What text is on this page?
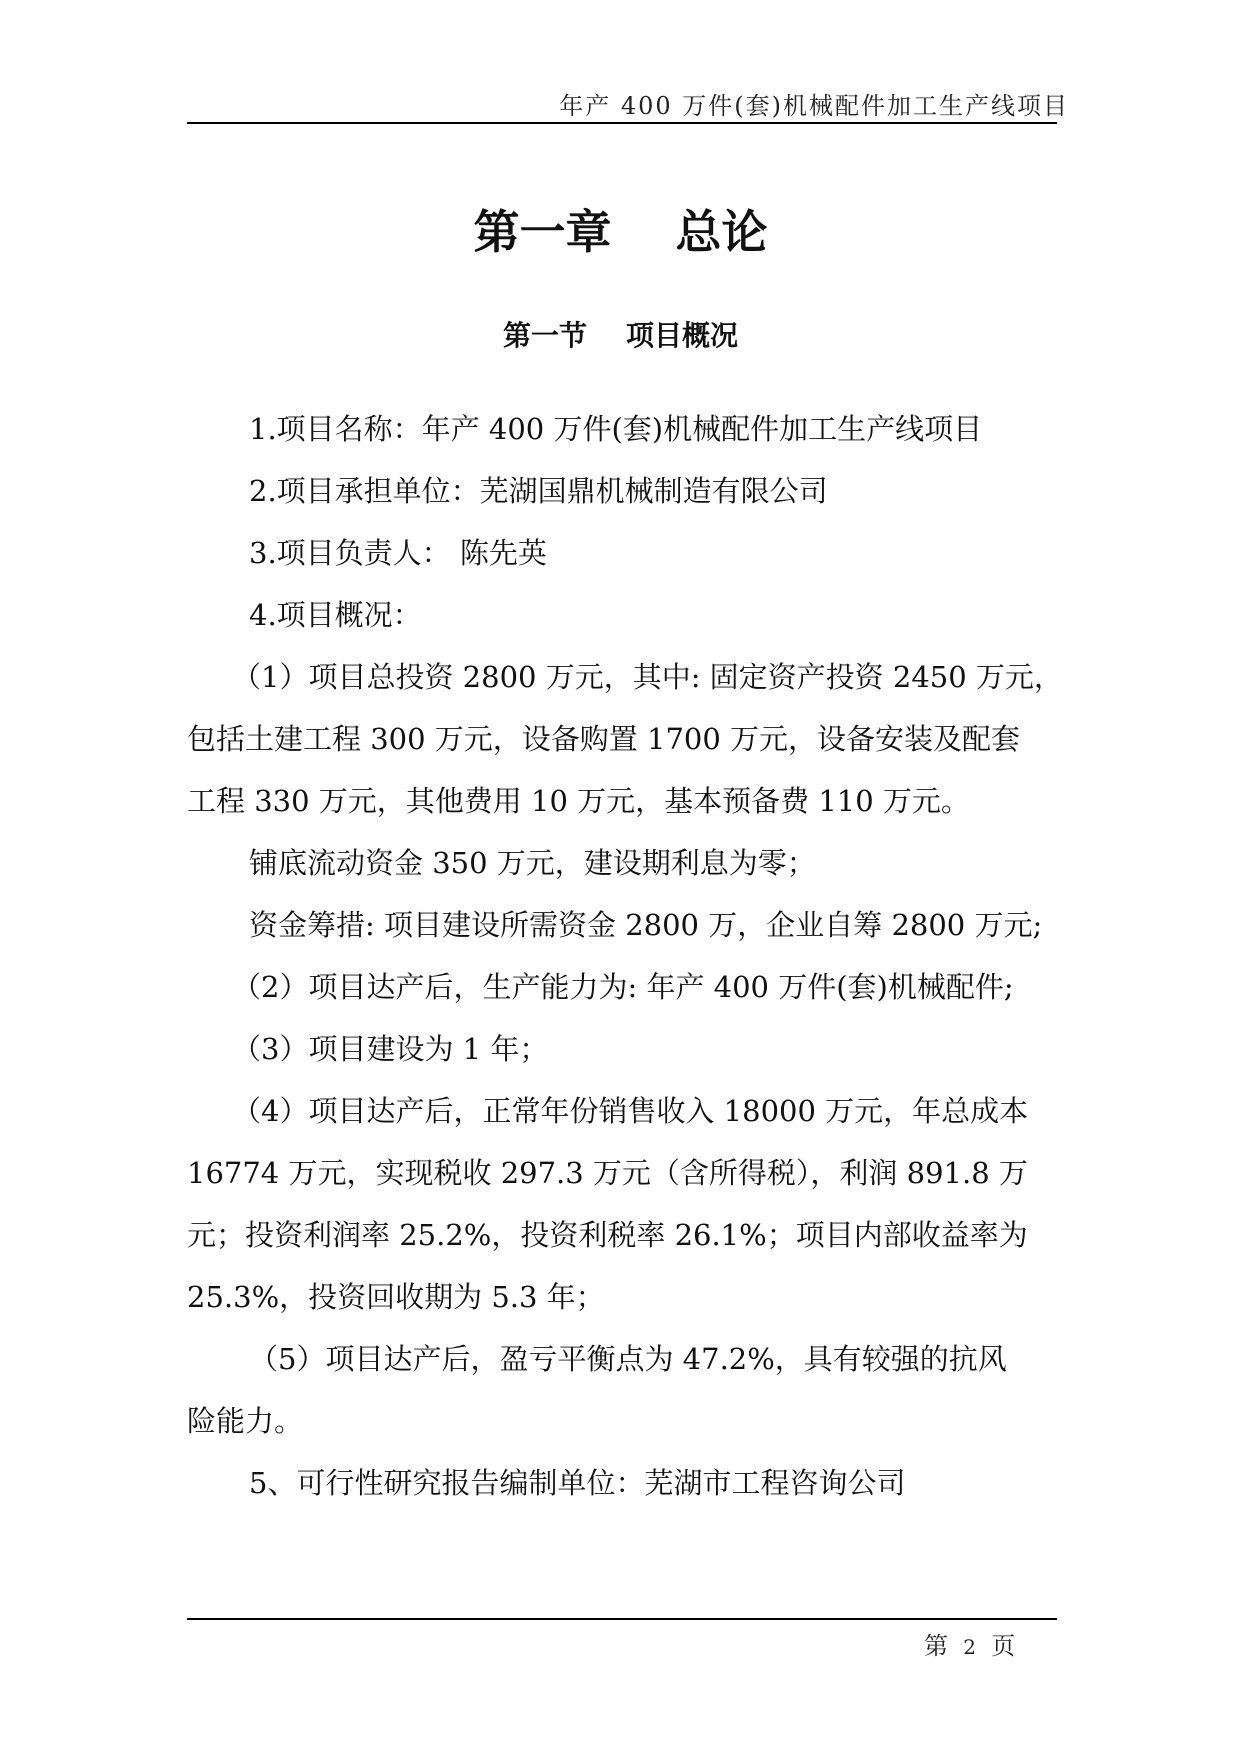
年产 400 万件(套)机械配件加工生产线项目
第一章    总论
第一节    项目概况
1.项目名称：年产 400 万件(套)机械配件加工生产线项目
2.项目承担单位：芜湖国鼎机械制造有限公司
3.项目负责人： 陈先英
4.项目概况：
（1）项目总投资 2800 万元，其中: 固定资产投资 2450 万元，
包括土建工程 300 万元，设备购置 1700 万元，设备安装及配套
工程 330 万元，其他费用 10 万元，基本预备费 110 万元。
铺底流动资金 350 万元，建设期利息为零；
资金筹措: 项目建设所需资金 2800 万，企业自筹 2800 万元;
（2）项目达产后，生产能力为: 年产 400 万件(套)机械配件;
（3）项目建设为 1 年；
（4）项目达产后，正常年份销售收入 18000 万元，年总成本
16774 万元，实现税收 297.3 万元（含所得税），利润 891.8 万
元；投资利润率 25.2%，投资利税率 26.1%；项目内部收益率为
25.3%，投资回收期为 5.3 年；
（5）项目达产后，盈亏平衡点为 47.2%，具有较强的抗风
险能力。
5、可行性研究报告编制单位：芜湖市工程咨询公司
第 2 页
